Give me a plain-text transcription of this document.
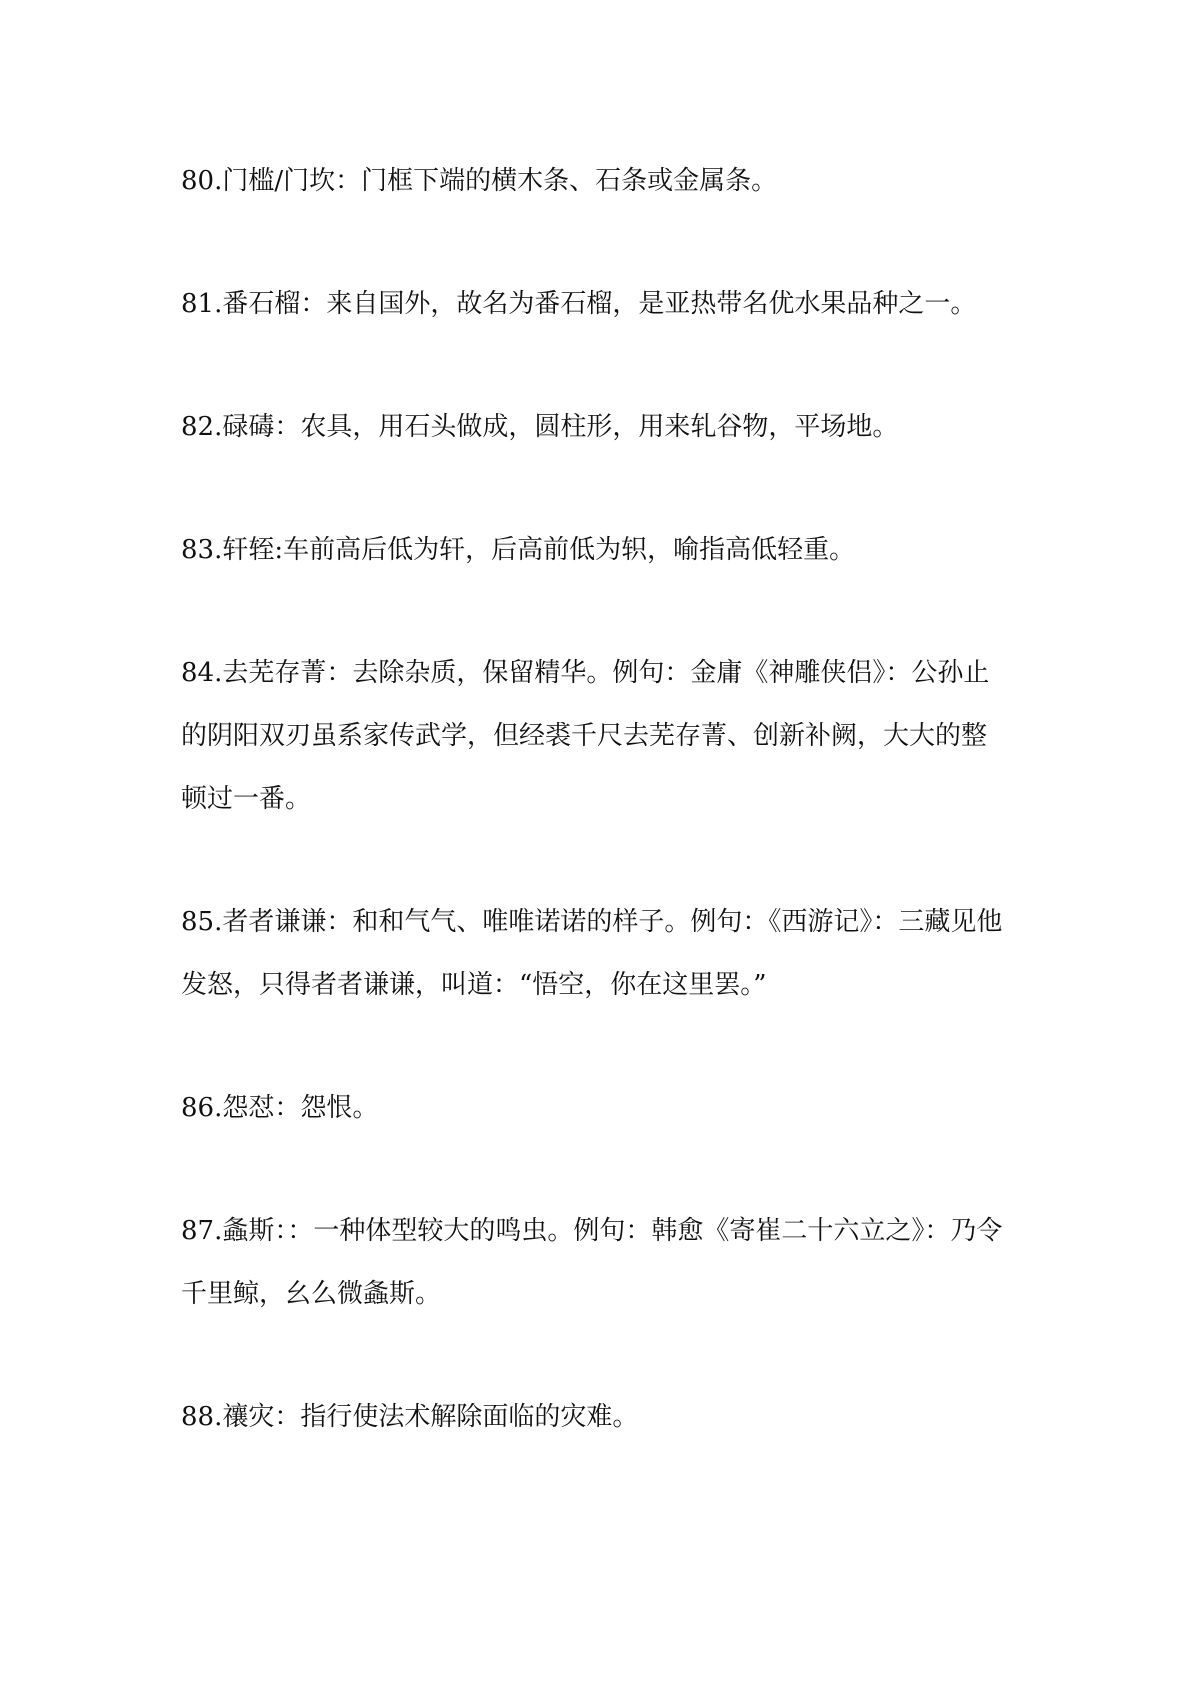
80.门槛/门坎：门框下端的横木条、石条或金属条。
81.番石榴：来自国外，故名为番石榴，是亚热带名优水果品种之一。
82.碌碡：农具，用石头做成，圆柱形，用来轧谷物，平场地。
83.轩轾:车前高后低为轩，后高前低为轵，喻指高低轻重。
84.去芜存菁：去除杂质，保留精华。例句：金庸《神雕侠侣》：公孙止
的阴阳双刃虽系家传武学，但经裘千尺去芜存菁、创新补阙，大大的整
顿过一番。
85.者者谦谦：和和气气、唯唯诺诺的样子。例句：《西游记》：三藏见他
发怒，只得者者谦谦，叫道：“悟空，你在这里罢。”
86.怨怼：怨恨。
87.螽斯：：一种体型较大的鸣虫。例句：韩愈《寄崔二十六立之》：乃令
千里鲸，幺么微螽斯。
88.禳灾：指行使法术解除面临的灾难。
